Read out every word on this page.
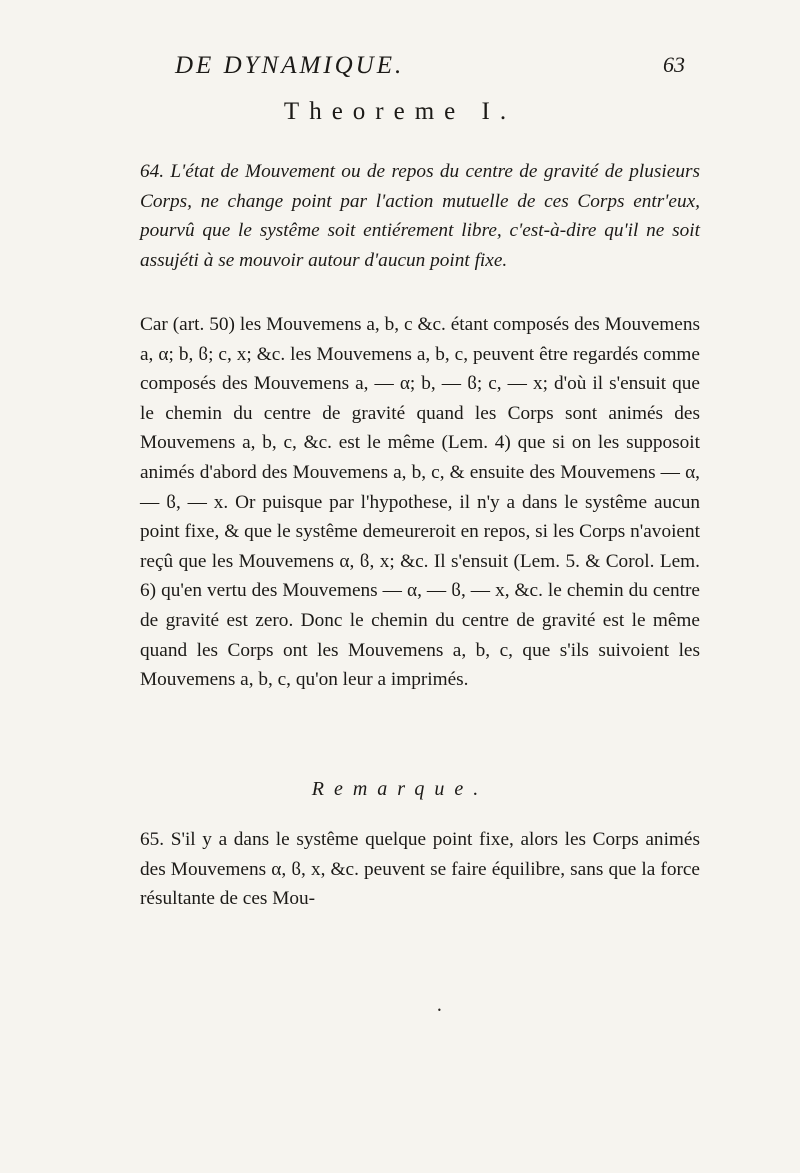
DE DYNAMIQUE.	63
Theoreme I.

64. L'état de Mouvement ou de repos du centre de gravité de plusieurs Corps, ne change point par l'action mutuelle de ces Corps entr'eux, pourvû que le systême soit entiérement libre, c'est-à-dire qu'il ne soit assujéti à se mouvoir autour d'aucun point fixe.

Car (art. 50) les Mouvemens a, b, c &c. étant composés des Mouvemens a, α; b, ϐ; c, x; &c. les Mouvemens a, b, c, peuvent être regardés comme composés des Mouvemens a, — α; b, — ϐ; c, — x; d'où il s'ensuit que le chemin du centre de gravité quand les Corps sont animés des Mouvemens a, b, c, &c. est le même (Lem. 4) que si on les supposoit animés d'abord des Mouvemens a, b, c, & ensuite des Mouvemens — α, — ϐ, — x. Or puisque par l'hypothese, il n'y a dans le systême aucun point fixe, & que le systême demeureroit en repos, si les Corps n'avoient reçû que les Mouvemens α, ϐ, x; &c. Il s'ensuit (Lem. 5. & Corol. Lem. 6) qu'en vertu des Mouvemens — α, — ϐ, — x, &c. le chemin du centre de gravité est zero. Donc le chemin du centre de gravité est le même quand les Corps ont les Mouvemens a, b, c, que s'ils suivoient les Mouvemens a, b, c, qu'on leur a imprimés.

Remarque.

65. S'il y a dans le systême quelque point fixe, alors les Corps animés des Mouvemens α, ϐ, x, &c. peuvent se faire équilibre, sans que la force résultante de ces Mou-

•
